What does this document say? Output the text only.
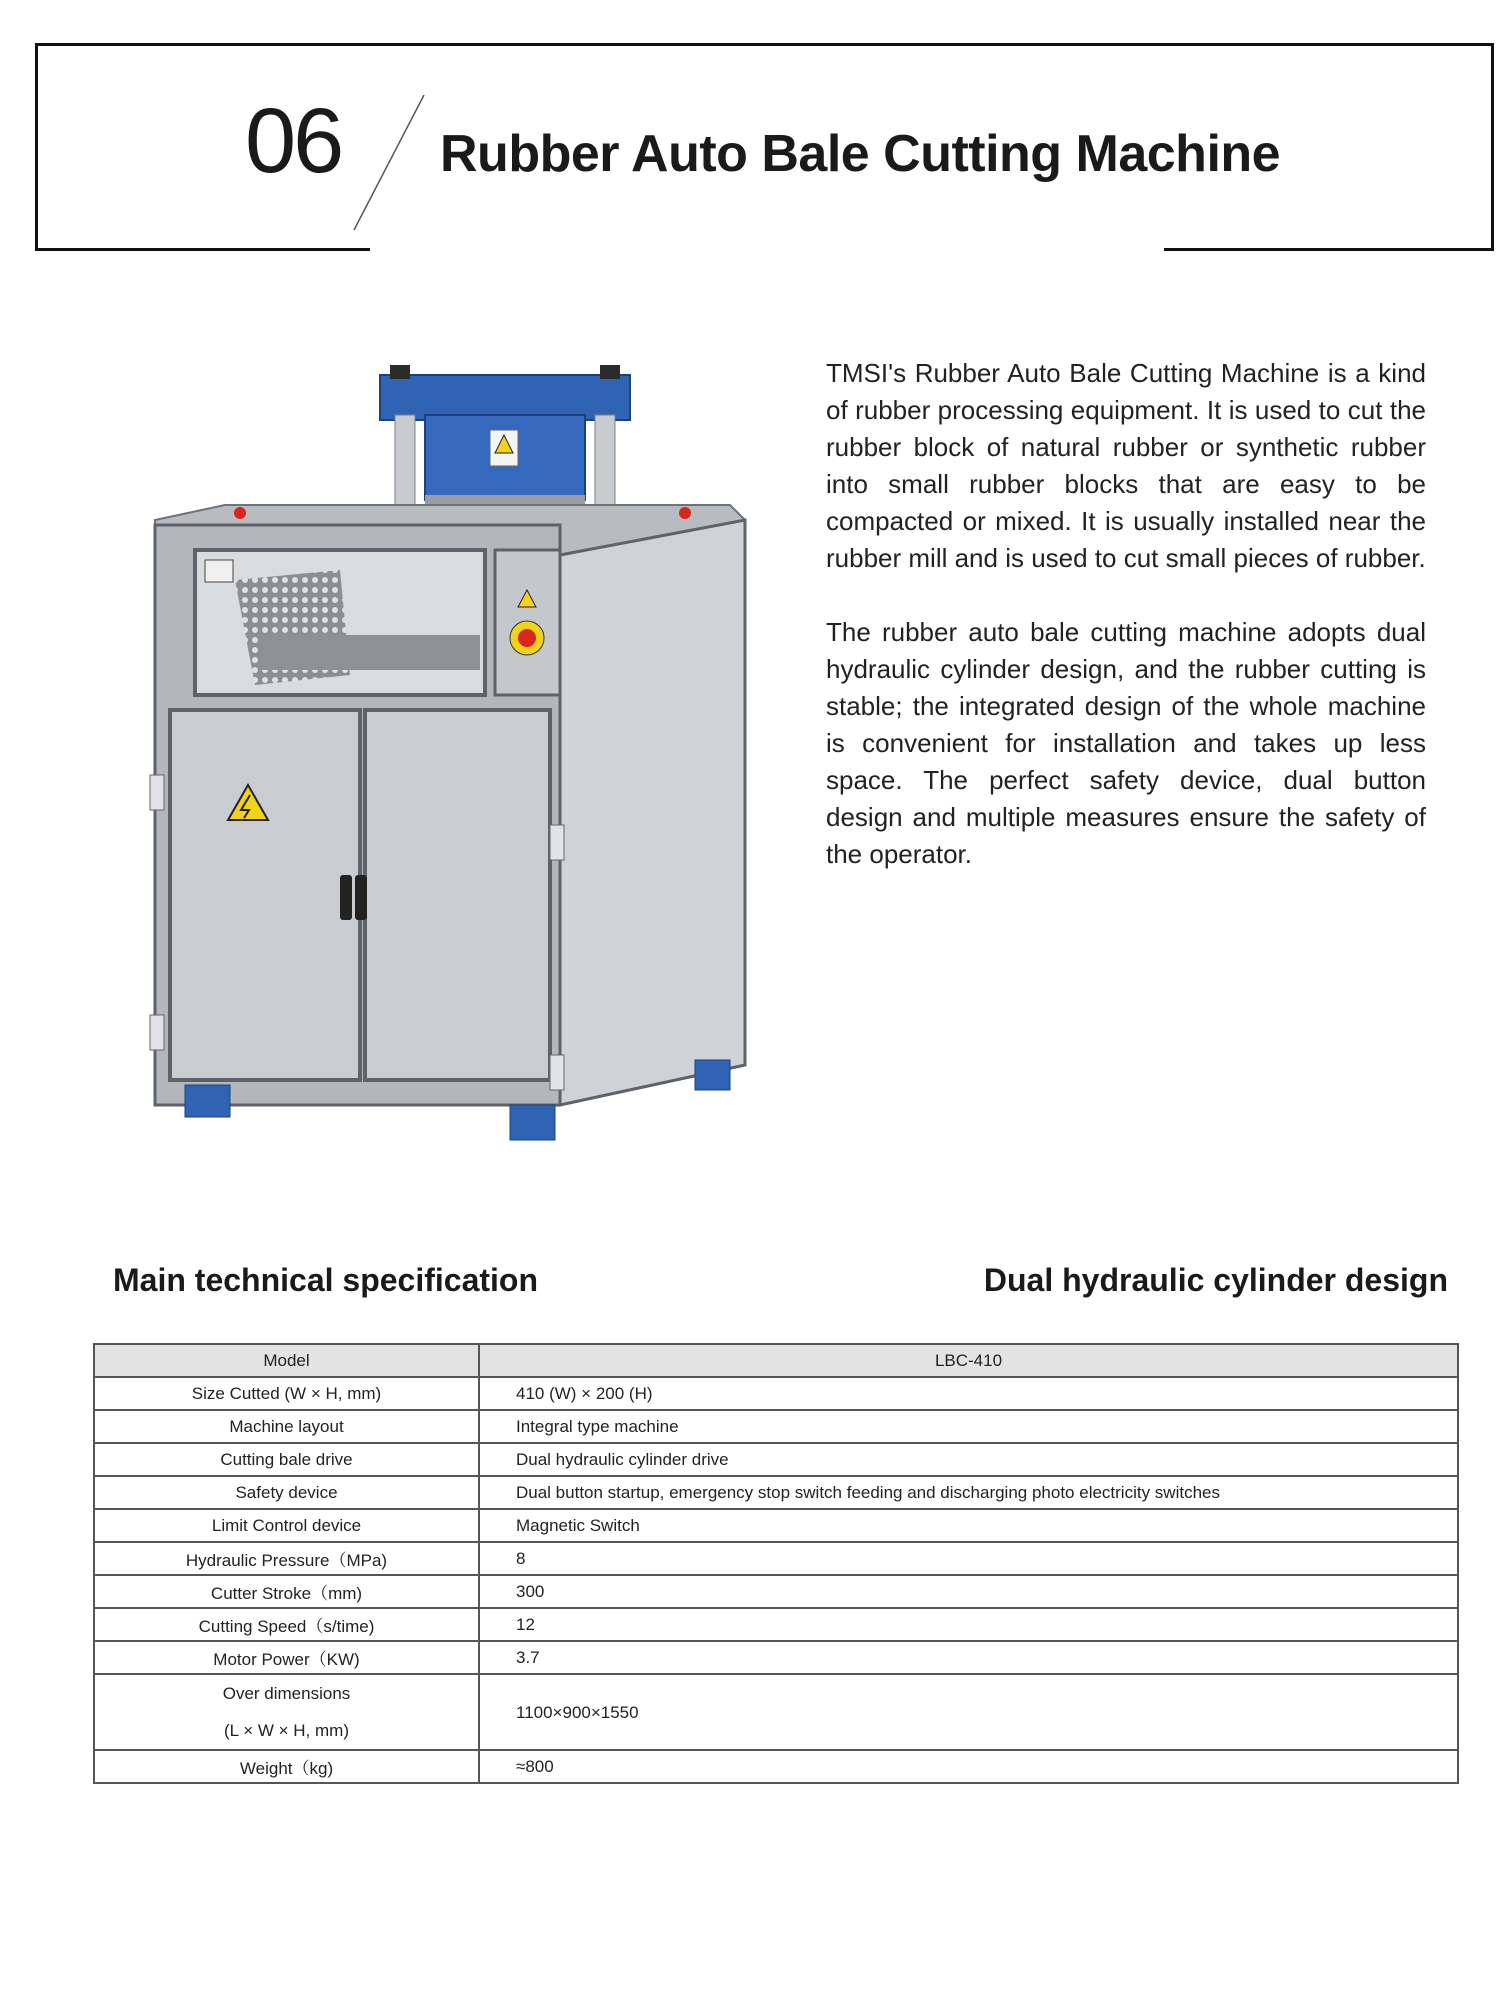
06 Rubber Auto Bale Cutting Machine

TMSI's Rubber Auto Bale Cutting Machine is a kind of rubber processing equipment. It is used to cut the rubber block of natural rubber or synthetic rubber into small rubber blocks that are easy to be compacted or mixed. It is usually installed near the rubber mill and is used to cut small pieces of rubber.

The rubber auto bale cutting machine adopts dual hydraulic cylinder design, and the rubber cutting is stable; the integrated design of the whole machine is convenient for installation and takes up less space. The perfect safety device, dual button design and multiple measures ensure the safety of the operator.

Main technical specification	Dual hydraulic cylinder design
Model	LBC-410
Size Cutted (W × H, mm)	410 (W) × 200 (H)
Machine layout	Integral type machine
Cutting bale drive	Dual hydraulic cylinder drive
Safety device	Dual button startup, emergency stop switch feeding and discharging photo electricity switches
Limit Control device	Magnetic Switch
Hydraulic Pressure（MPa)	8
Cutter Stroke（mm)	300
Cutting Speed（s/time)	12
Motor Power（KW)	3.7

Over dimensions
(L × W × H, mm)	1100×900×1550
Weight（kg)	≈800
